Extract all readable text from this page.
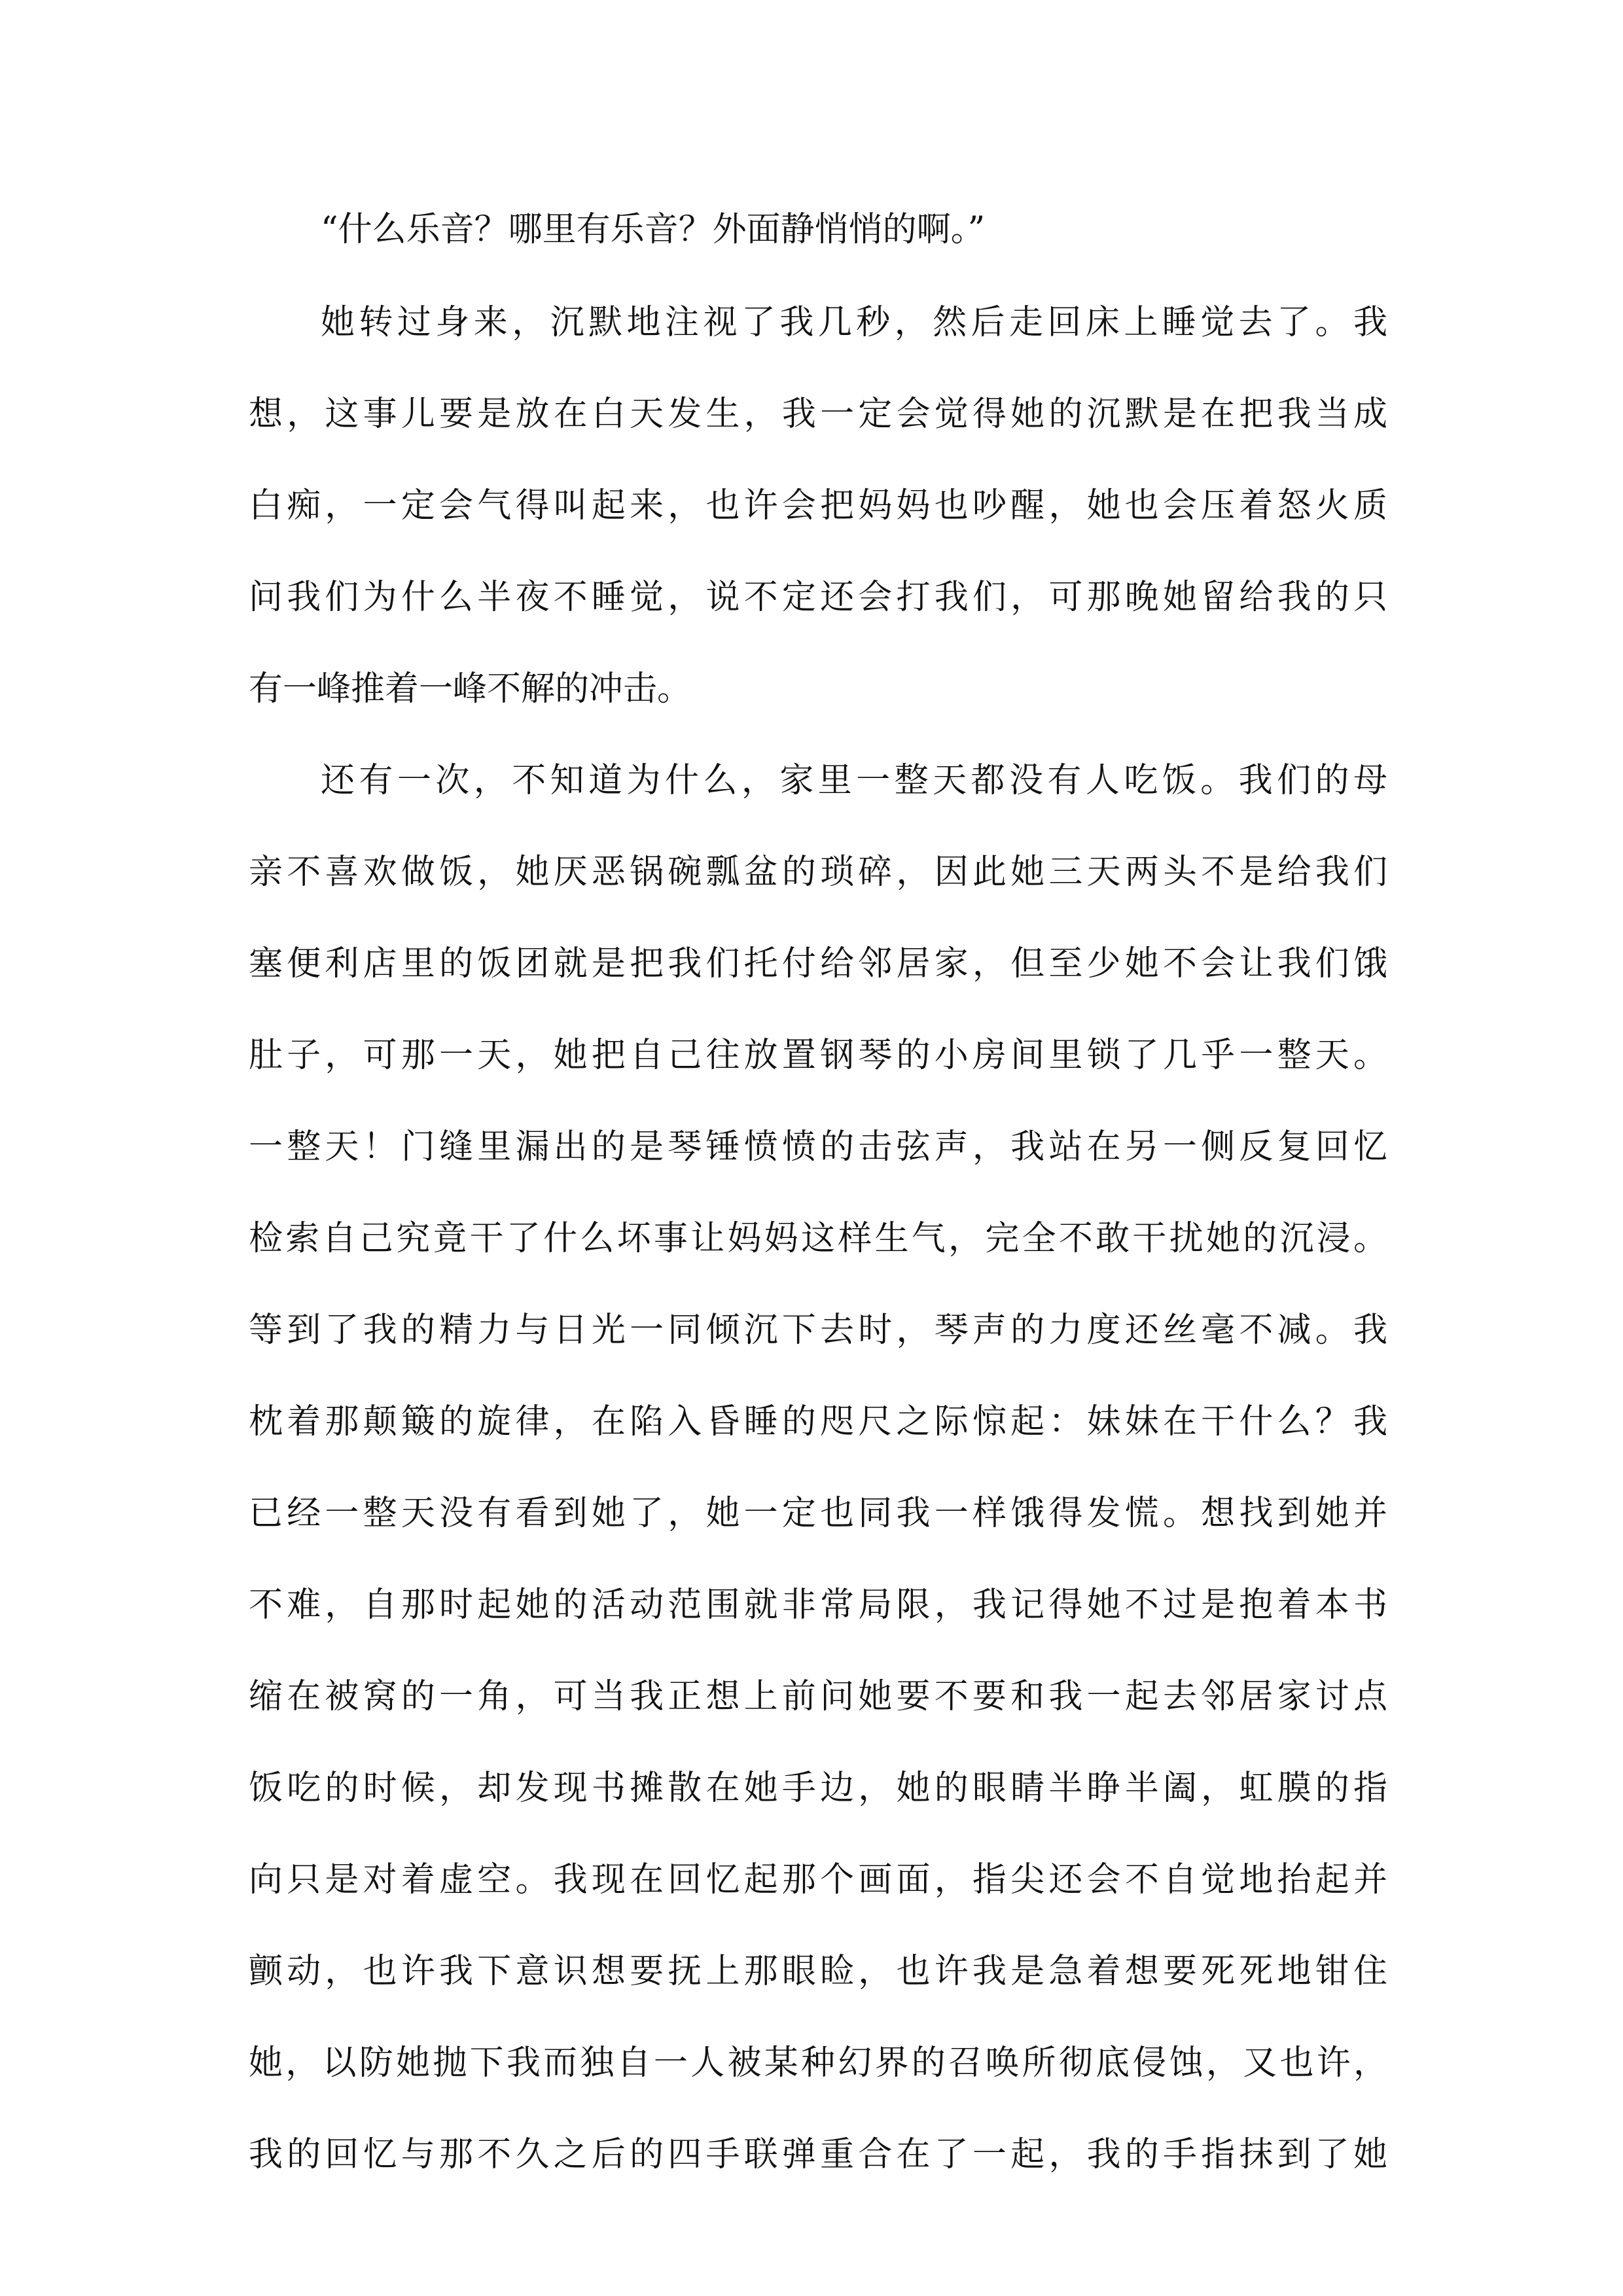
“什么乐音？哪里有乐音？外面静悄悄的啊。”
她转过身来，沉默地注视了我几秒，然后走回床上睡觉去了。我
想，这事儿要是放在白天发生，我一定会觉得她的沉默是在把我当成
白痴，一定会气得叫起来，也许会把妈妈也吵醒，她也会压着怒火质
问我们为什么半夜不睡觉，说不定还会打我们，可那晚她留给我的只
有一峰推着一峰不解的冲击。
还有一次，不知道为什么，家里一整天都没有人吃饭。我们的母
亲不喜欢做饭，她厌恶锅碗瓢盆的琐碎，因此她三天两头不是给我们
塞便利店里的饭团就是把我们托付给邻居家，但至少她不会让我们饿
肚子，可那一天，她把自己往放置钢琴的小房间里锁了几乎一整天。
一整天！门缝里漏出的是琴锤愤愤的击弦声，我站在另一侧反复回忆
检索自己究竟干了什么坏事让妈妈这样生气，完全不敢干扰她的沉浸。
等到了我的精力与日光一同倾沉下去时，琴声的力度还丝毫不减。我
枕着那颠簸的旋律，在陷入昏睡的咫尺之际惊起：妹妹在干什么？我
已经一整天没有看到她了，她一定也同我一样饿得发慌。想找到她并
不难，自那时起她的活动范围就非常局限，我记得她不过是抱着本书
缩在被窝的一角，可当我正想上前问她要不要和我一起去邻居家讨点
饭吃的时候，却发现书摊散在她手边，她的眼睛半睁半阖，虹膜的指
向只是对着虚空。我现在回忆起那个画面，指尖还会不自觉地抬起并
颤动，也许我下意识想要抚上那眼睑，也许我是急着想要死死地钳住
她，以防她抛下我而独自一人被某种幻界的召唤所彻底侵蚀，又也许，
我的回忆与那不久之后的四手联弹重合在了一起，我的手指抹到了她
